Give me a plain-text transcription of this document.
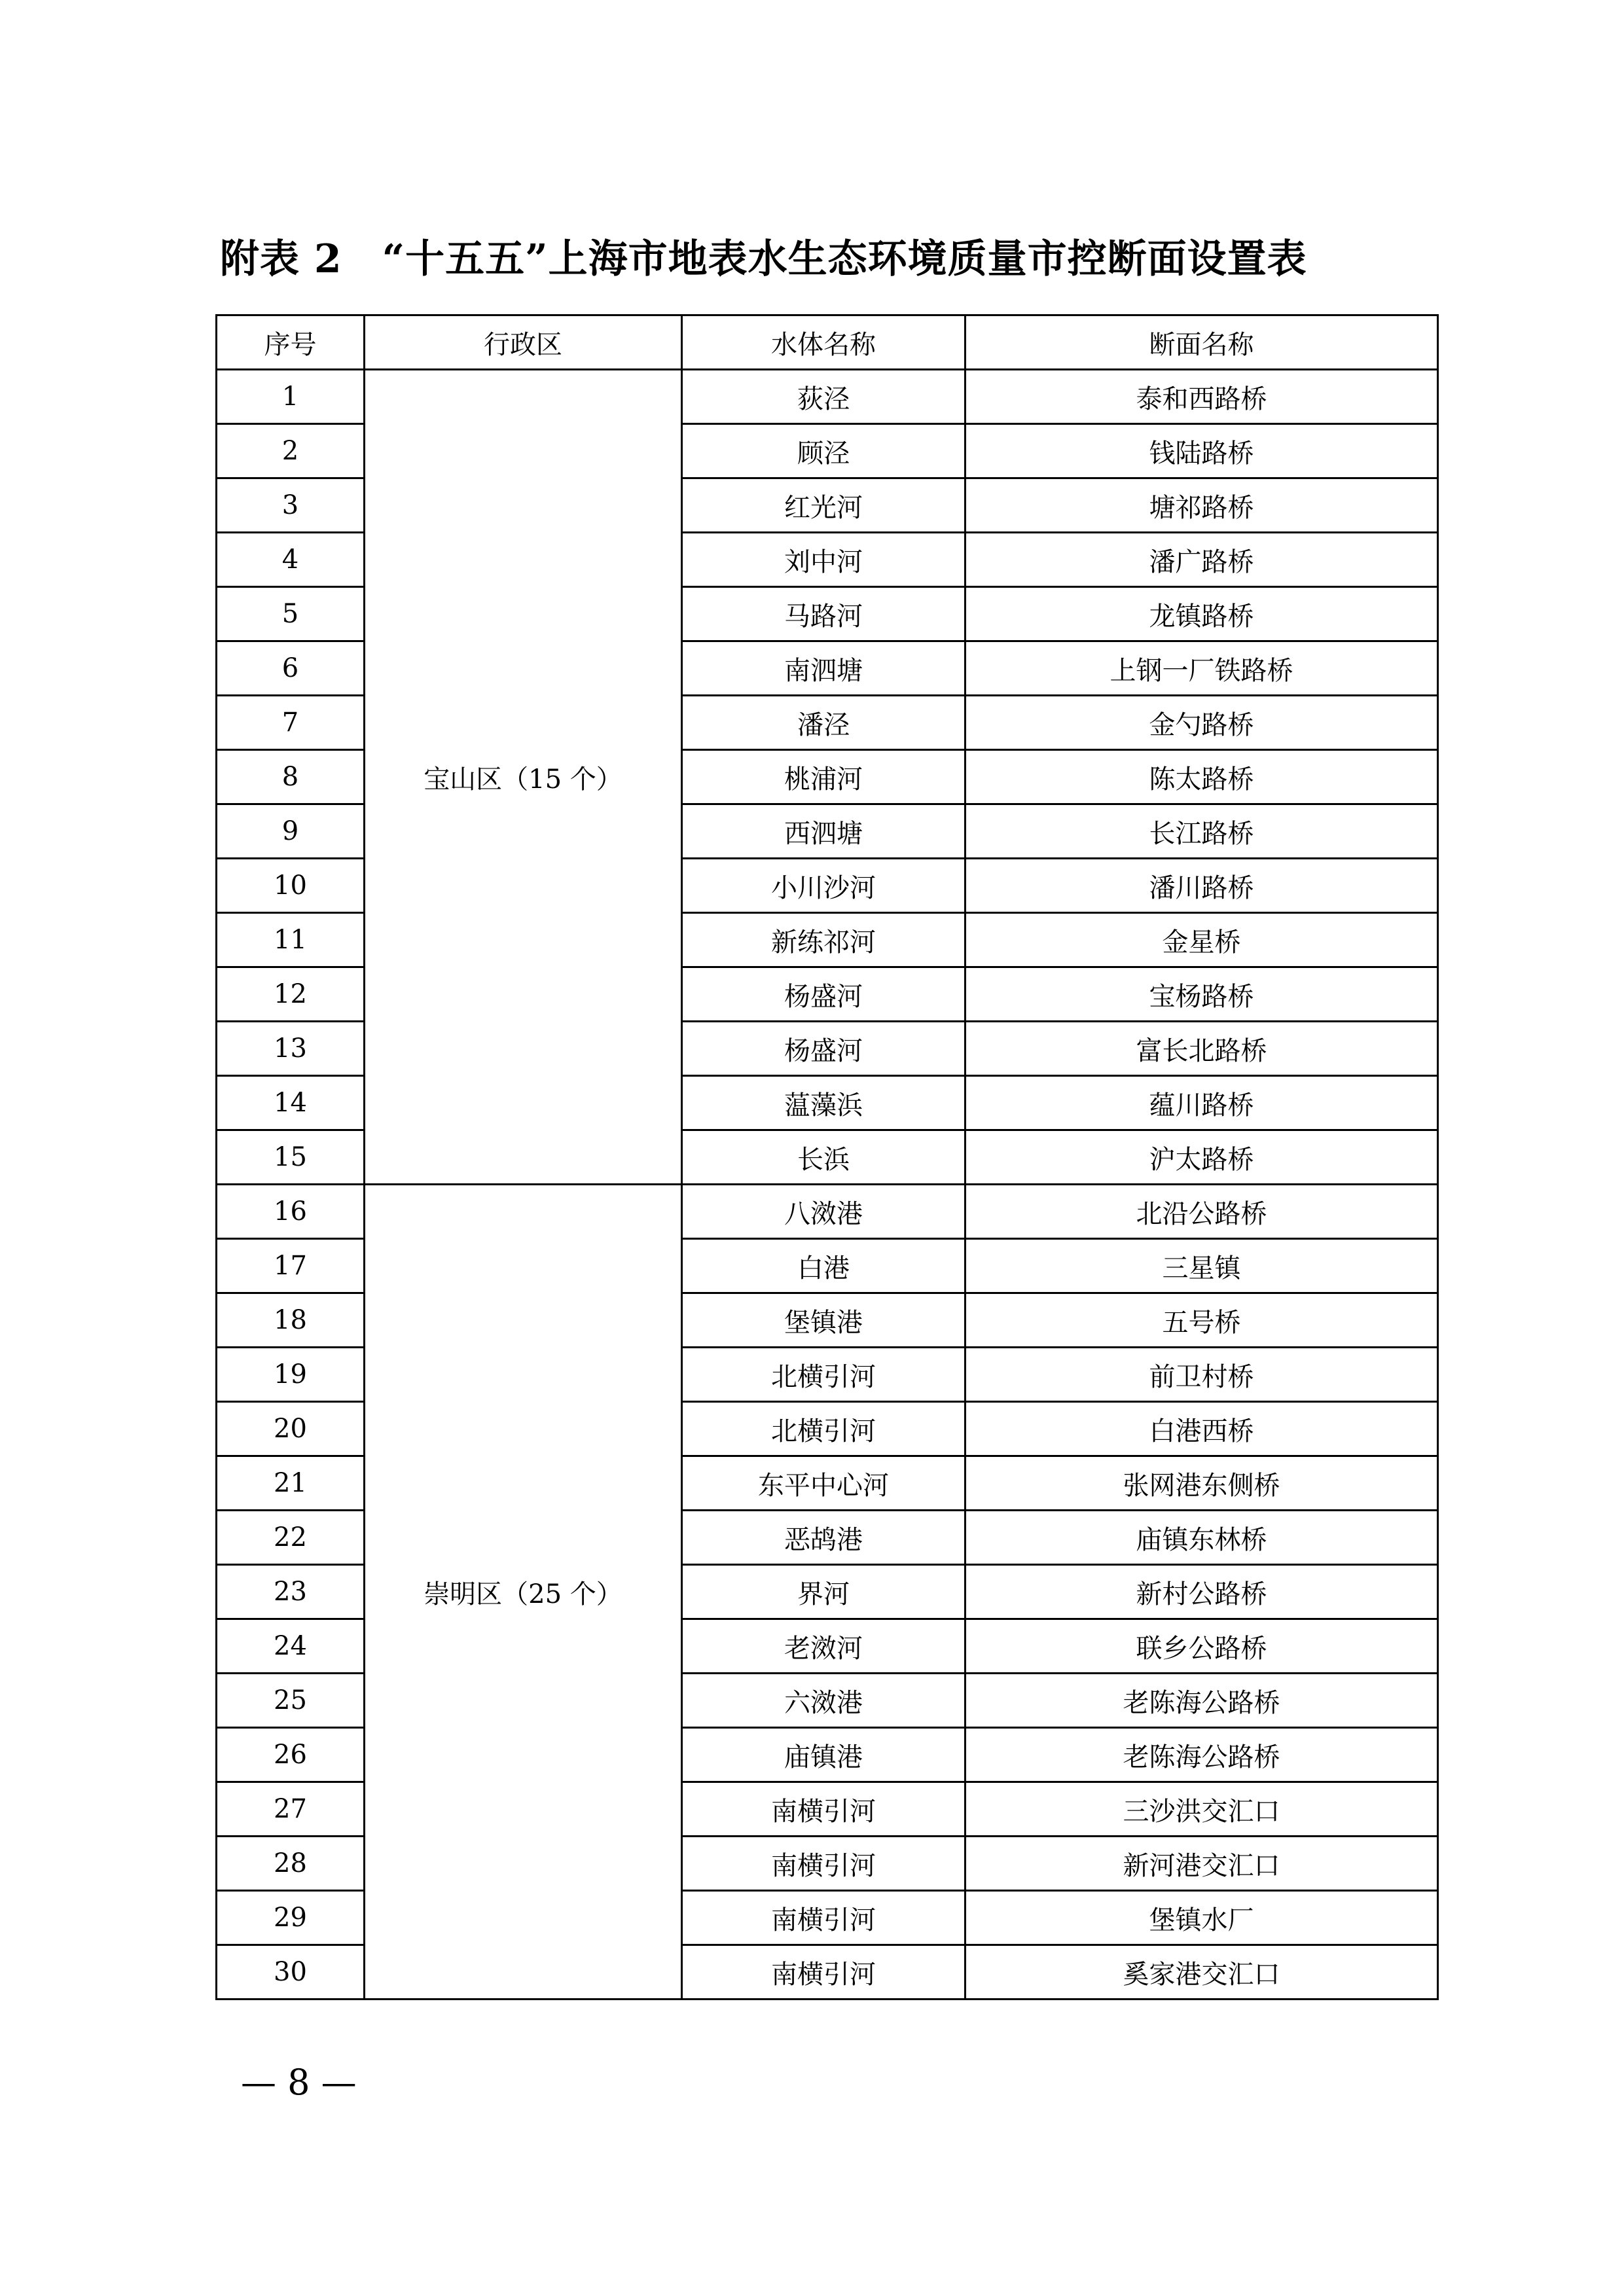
附表 2　“十五五”上海市地表水生态环境质量市控断面设置表
序号	行政区	水体名称	断面名称
1	宝山区（15 个）	荻泾	泰和西路桥
2		顾泾	钱陆路桥
3		红光河	塘祁路桥
4		刘中河	潘广路桥
5		马路河	龙镇路桥
6		南泗塘	上钢一厂铁路桥
7		潘泾	金勺路桥
8		桃浦河	陈太路桥
9		西泗塘	长江路桥
10		小川沙河	潘川路桥
11		新练祁河	金星桥
12		杨盛河	宝杨路桥
13		杨盛河	富长北路桥
14		蕰藻浜	蕴川路桥
15		长浜	沪太路桥
16	崇明区（25 个）	八滧港	北沿公路桥
17		白港	三星镇
18		堡镇港	五号桥
19		北横引河	前卫村桥
20		北横引河	白港西桥
21		东平中心河	张网港东侧桥
22		恶鸪港	庙镇东林桥
23		界河	新村公路桥
24		老滧河	联乡公路桥
25		六滧港	老陈海公路桥
26		庙镇港	老陈海公路桥
27		南横引河	三沙洪交汇口
28		南横引河	新河港交汇口
29		南横引河	堡镇水厂
30		南横引河	奚家港交汇口
— 8 —
